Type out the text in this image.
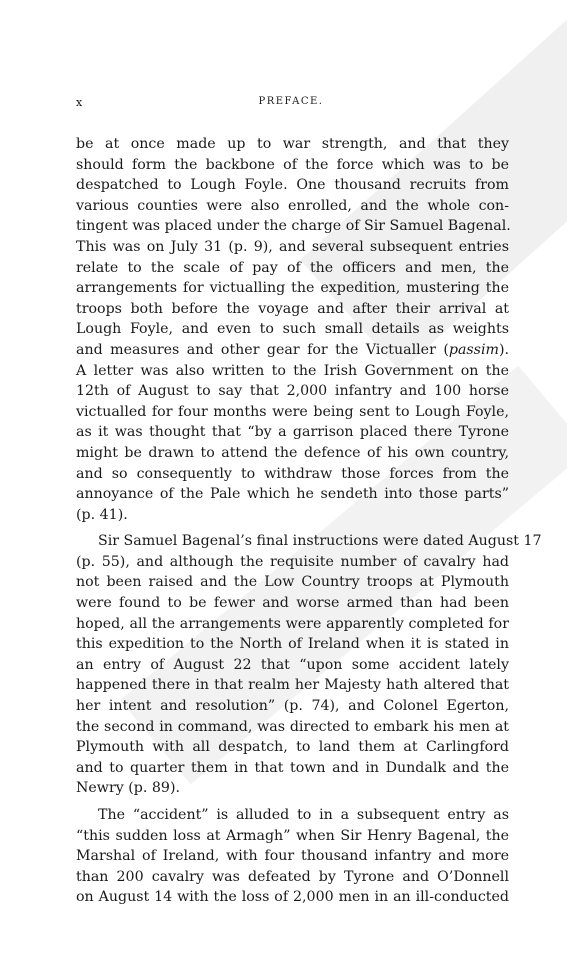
x	PREFACE.

be at once made up to war strength, and that they
should form the backbone of the force which was to be
despatched to Lough Foyle. One thousand recruits from
various counties were also enrolled, and the whole con-
tingent was placed under the charge of Sir Samuel Bagenal.
This was on July 31 (p. 9), and several subsequent entries
relate to the scale of pay of the officers and men, the
arrangements for victualling the expedition, mustering the
troops both before the voyage and after their arrival at
Lough Foyle, and even to such small details as weights
and measures and other gear for the Victualler (passim).
A letter was also written to the Irish Government on the
12th of August to say that 2,000 infantry and 100 horse
victualled for four months were being sent to Lough Foyle,
as it was thought that “by a garrison placed there Tyrone
might be drawn to attend the defence of his own country,
and so consequently to withdraw those forces from the
annoyance of the Pale which he sendeth into those parts”
(p. 41).

Sir Samuel Bagenal’s final instructions were dated August 17
(p. 55), and although the requisite number of cavalry had
not been raised and the Low Country troops at Plymouth
were found to be fewer and worse armed than had been
hoped, all the arrangements were apparently completed for
this expedition to the North of Ireland when it is stated in
an entry of August 22 that “upon some accident lately
happened there in that realm her Majesty hath altered that
her intent and resolution” (p. 74), and Colonel Egerton,
the second in command, was directed to embark his men at
Plymouth with all despatch, to land them at Carlingford
and to quarter them in that town and in Dundalk and the
Newry (p. 89).

The “accident” is alluded to in a subsequent entry as
“this sudden loss at Armagh” when Sir Henry Bagenal, the
Marshal of Ireland, with four thousand infantry and more
than 200 cavalry was defeated by Tyrone and O’Donnell
on August 14 with the loss of 2,000 men in an ill-conducted
